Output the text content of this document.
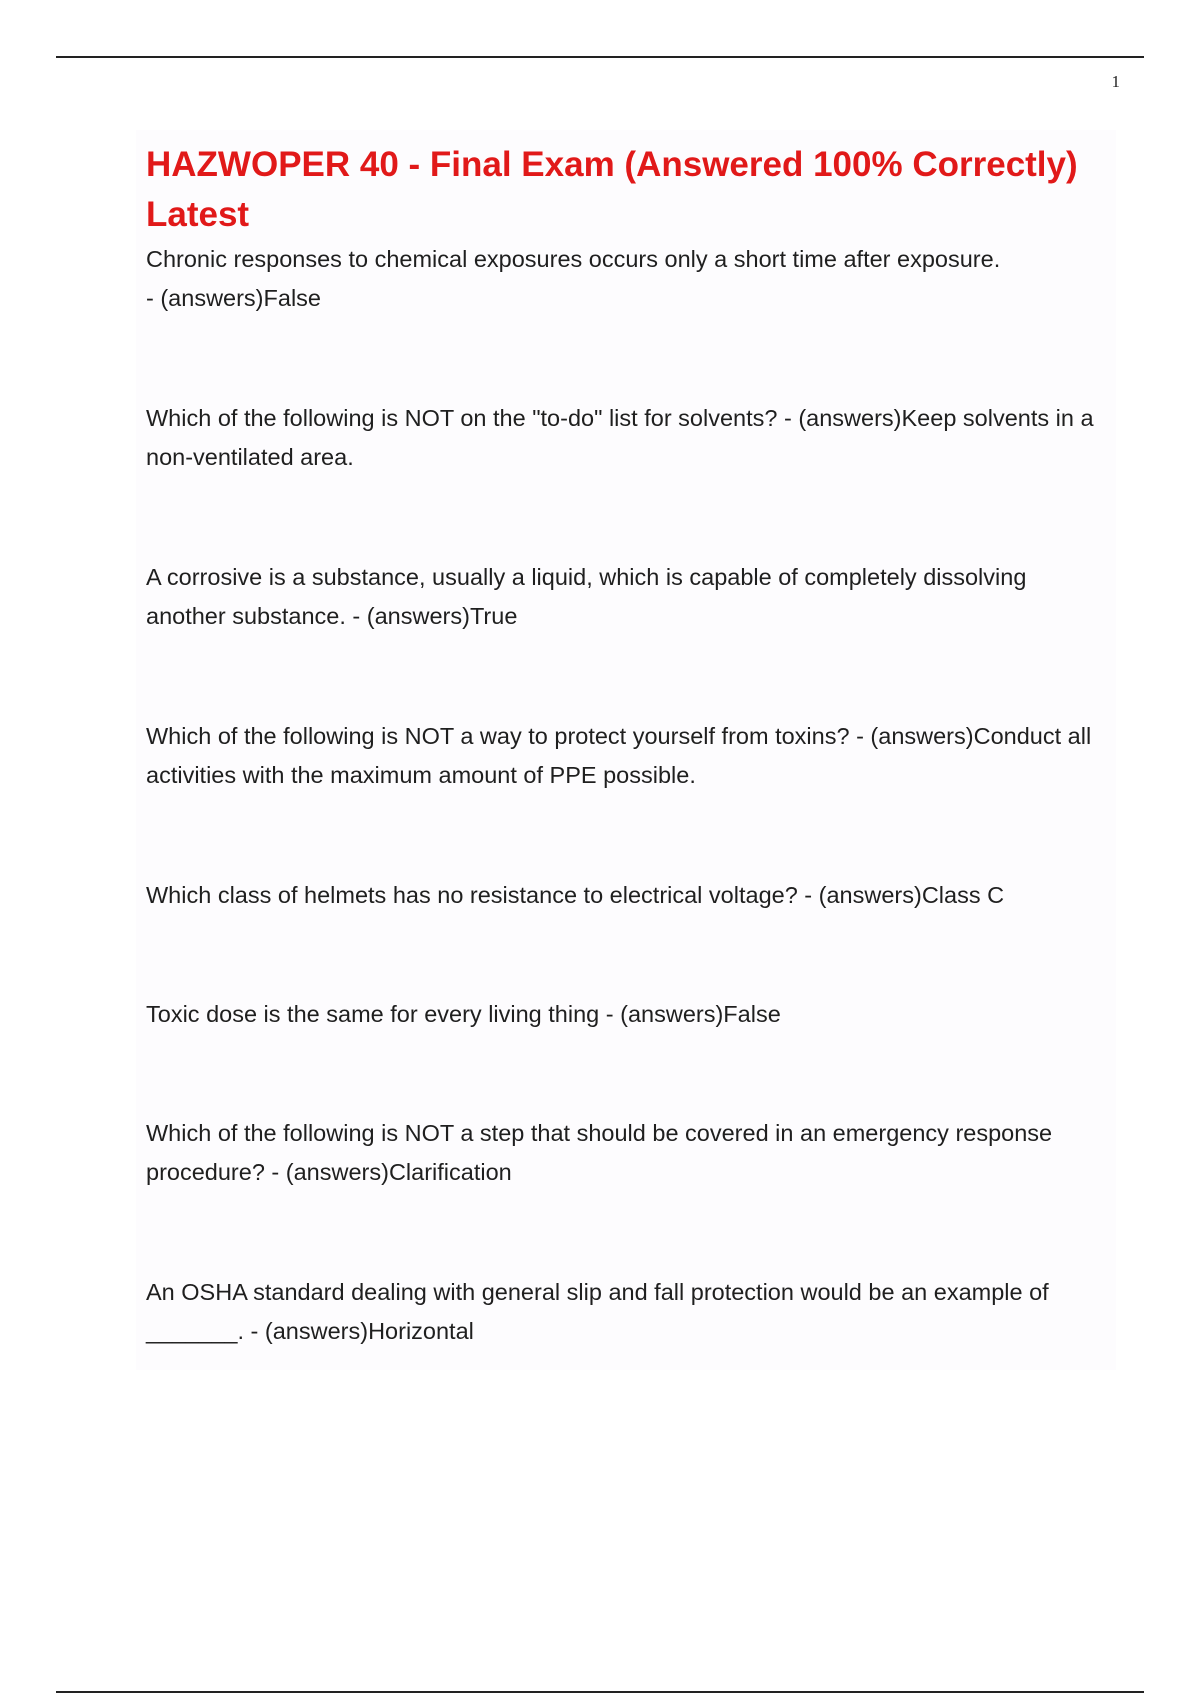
1
HAZWOPER 40 - Final Exam (Answered 100% Correctly) Latest
Chronic responses to chemical exposures occurs only a short time after exposure.
- (answers)False
Which of the following is NOT on the "to-do" list for solvents? - (answers)Keep solvents in a non-ventilated area.
A corrosive is a substance, usually a liquid, which is capable of completely dissolving another substance. - (answers)True
Which of the following is NOT a way to protect yourself from toxins? - (answers)Conduct all activities with the maximum amount of PPE possible.
Which class of helmets has no resistance to electrical voltage? - (answers)Class C
Toxic dose is the same for every living thing - (answers)False
Which of the following is NOT a step that should be covered in an emergency response procedure? - (answers)Clarification
An OSHA standard dealing with general slip and fall protection would be an example of _______. - (answers)Horizontal
